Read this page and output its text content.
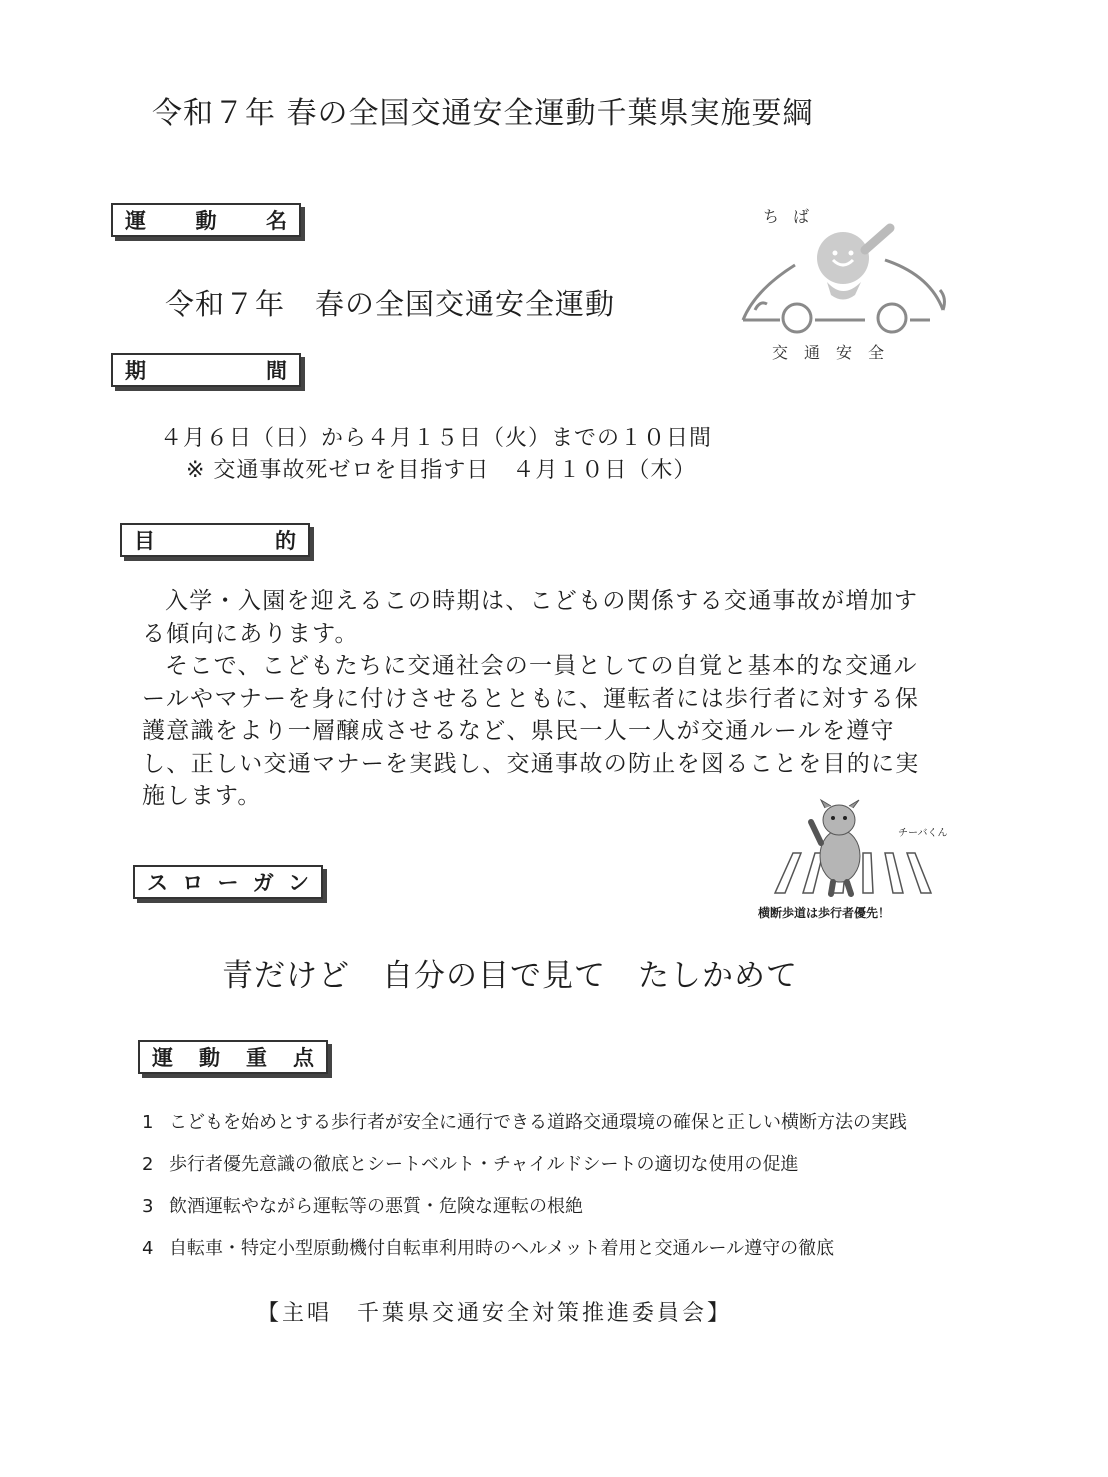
令和７年 春の全国交通安全運動千葉県実施要綱
運 動 名
令和７年　春の全国交通安全運動
ちば
交通安全
期	間
４月６日（日）から４月１５日（火）までの１０日間
※ 交通事故死ゼロを目指す日　４月１０日（木）
目	的

入学・入園を迎えるこの時期は、こどもの関係する交通事故が増加する傾向にあります。

そこで、こどもたちに交通社会の一員としての自覚と基本的な交通ルールやマナーを身に付けさせるとともに、運転者には歩行者に対する保護意識をより一層醸成させるなど、県民一人一人が交通ルールを遵守し、正しい交通マナーを実践し、交通事故の防止を図ることを目的に実施します。

チーバくん
横断歩道は歩行者優先！
ス ロ ー ガ ン
青だけど　自分の目で見て　たしかめて
運 動 重 点
1 こどもを始めとする歩行者が安全に通行できる道路交通環境の確保と正しい横断方法の実践
2 歩行者優先意識の徹底とシートベルト・チャイルドシートの適切な使用の促進
3 飲酒運転やながら運転等の悪質・危険な運転の根絶
4 自転車・特定小型原動機付自転車利用時のヘルメット着用と交通ルール遵守の徹底
【主唱　千葉県交通安全対策推進委員会】
